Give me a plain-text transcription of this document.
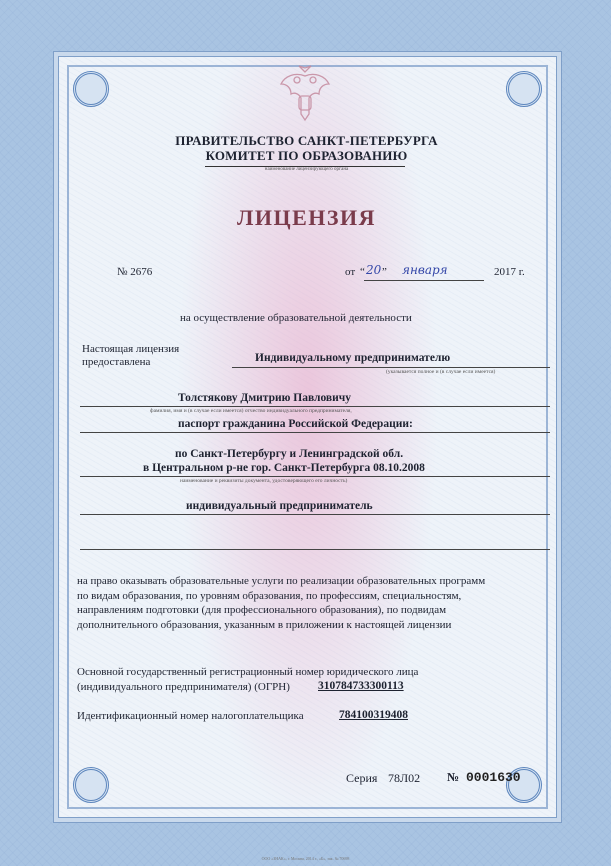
ПРАВИТЕЛЬСТВО САНКТ-ПЕТЕРБУРГА
КОМИТЕТ ПО ОБРАЗОВАНИЮ
наименование лицензирующего органа
ЛИЦЕНЗИЯ
№ 2676	от “ 20 ” января	2017 г.
на осуществление образовательной деятельности
Настоящая лицензия
предоставлена	Индивидуальному предпринимателю
(указывается полное и (в случае если имеется)
Толстякову Дмитрию Павловичу
фамилия, имя и (в случае если имеется) отчество индивидуального предпринимателя,
паспорт гражданина Российской Федерации:
по Санкт-Петербургу и Ленинградской обл.
в Центральном р-не гор. Санкт-Петербурга 08.10.2008
наименование и реквизиты документа, удостоверяющего его личность)
индивидуальный предприниматель
на право оказывать образовательные услуги по реализации образовательных программ
по видам образования, по уровням образования, по профессиям, специальностям,
направлениям подготовки (для профессионального образования), по подвидам
дополнительного образования, указанным в приложении к настоящей лицензии
Основной государственный регистрационный номер юридического лица
(индивидуального предпринимателя) (ОГРН) 310784733300113
Идентификационный номер налогоплательщика	784100319408
Серия 78Л02 № 0001630
ООО «ЗНАК», г. Москва, 2014 г., «Б», зак. № 70698
